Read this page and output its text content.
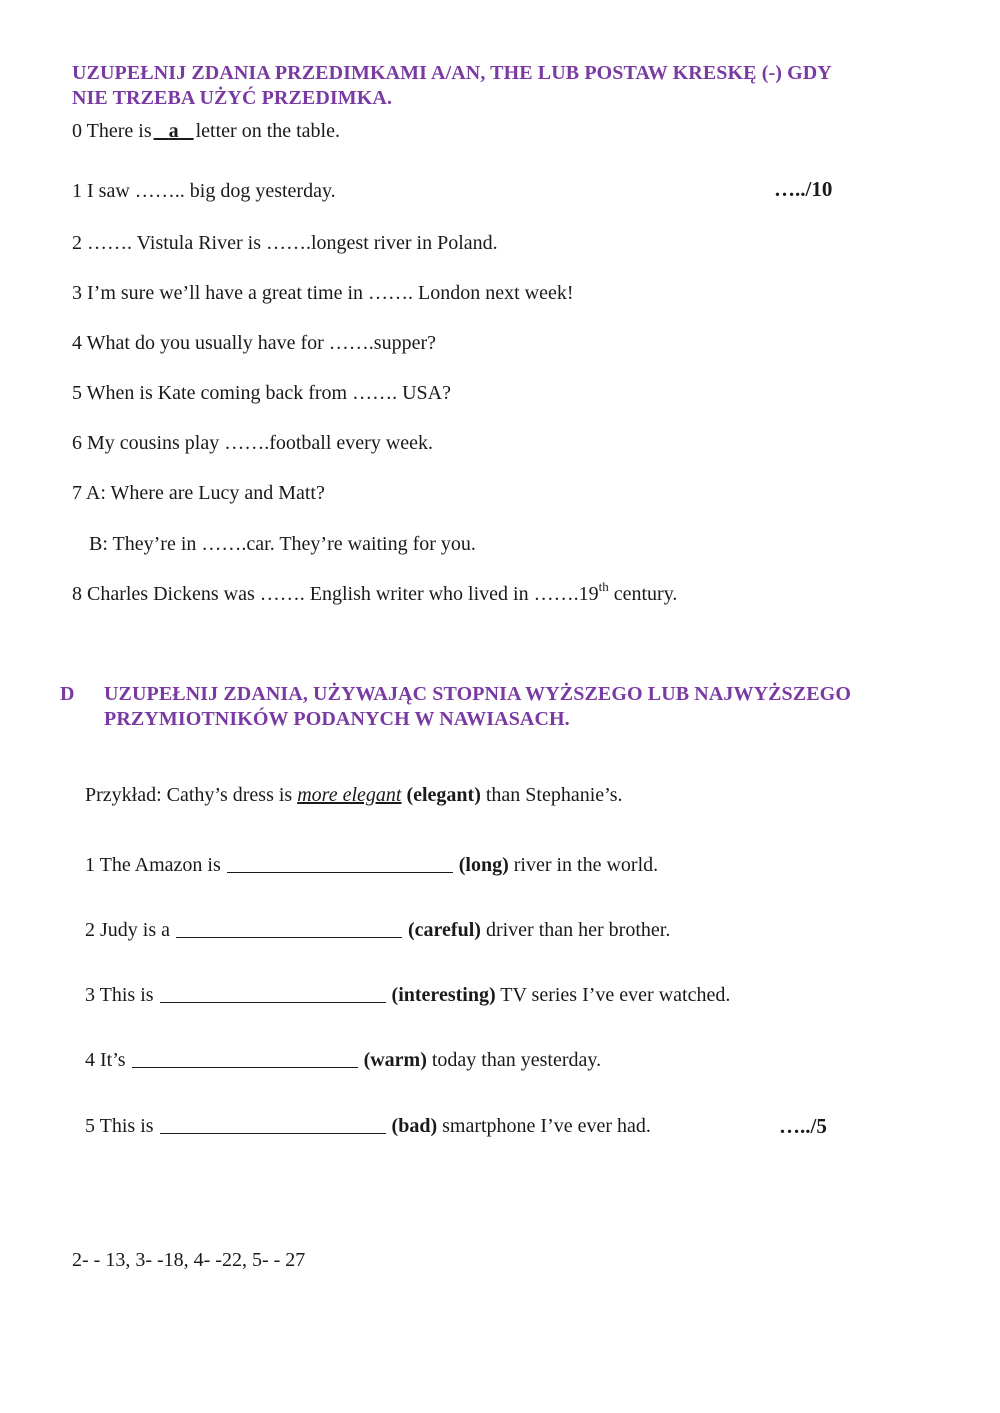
UZUPEŁNIJ ZDANIA PRZEDIMKAMI A/AN, THE LUB POSTAW KRESKĘ (-) GDY
NIE TRZEBA UŻYĆ PRZEDIMKA.
0 There is a letter on the table.
1 I saw …….. big dog yesterday.	…../10
2 ……. Vistula River is …….longest river in Poland.
3 I’m sure we’ll have a great time in ……. London next week!
4 What do you usually have for …….supper?
5 When is Kate coming back from ……. USA?
6 My cousins play …….football every week.
7 A: Where are Lucy and Matt?
B: They’re in …….car. They’re waiting for you.
8 Charles Dickens was ……. English writer who lived in …….19th century.
D UZUPEŁNIJ ZDANIA, UŻYWAJĄC STOPNIA WYŻSZEGO LUB NAJWYŻSZEGO
PRZYMIOTNIKÓW PODANYCH W NAWIASACH.
Przykład: Cathy’s dress is more elegant (elegant) than Stephanie’s.
1 The Amazon is	(long) river in the world.
2 Judy is a	(careful) driver than her brother.
3 This is	(interesting) TV series I’ve ever watched.
4 It’s	(warm) today than yesterday.
5 This is	(bad) smartphone I’ve ever had.	…../5
2- - 13, 3- -18, 4- -22, 5- - 27
